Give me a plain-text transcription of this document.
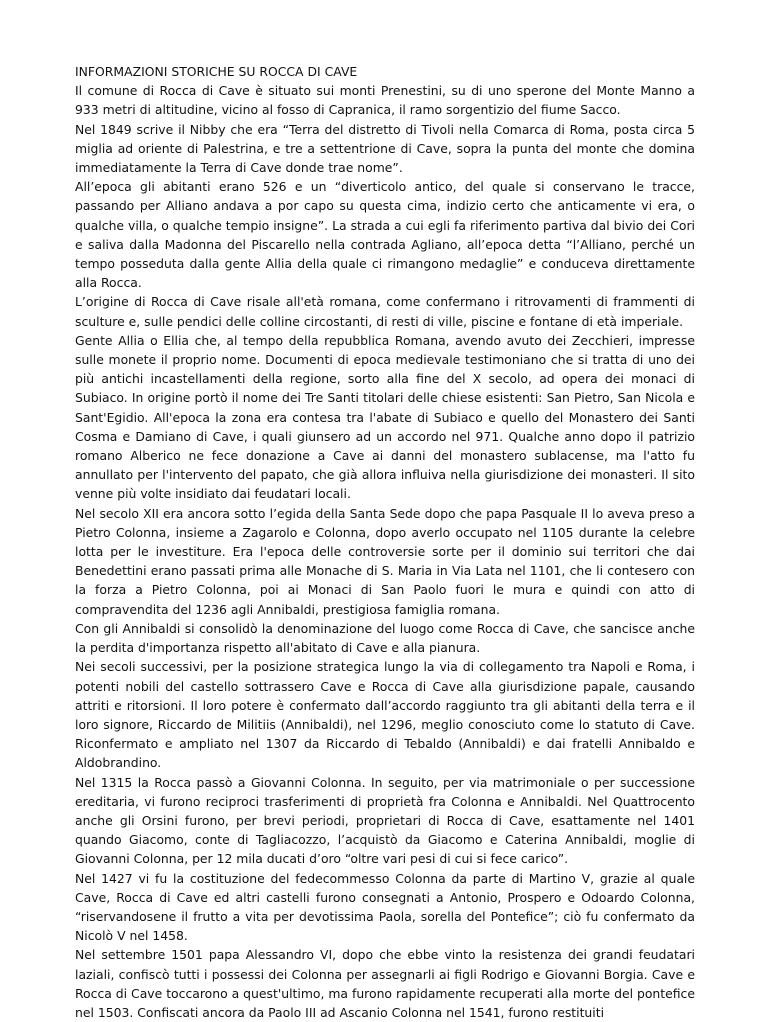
INFORMAZIONI STORICHE SU ROCCA DI CAVE

Il comune di Rocca di Cave è situato sui monti Prenestini, su di uno sperone del Monte Manno a 933 metri di altitudine, vicino al fosso di Capranica, il ramo sorgentizio del fiume Sacco.

Nel 1849 scrive il Nibby che era “Terra del distretto di Tivoli nella Comarca di Roma, posta circa 5 miglia ad oriente di Palestrina, e tre a settentrione di Cave, sopra la punta del monte che domina immediatamente la Terra di Cave donde trae nome”.

All’epoca gli abitanti erano 526 e un “diverticolo antico, del quale si conservano le tracce, passando per Alliano andava a por capo su questa cima, indizio certo che anticamente vi era, o qualche villa, o qualche tempio insigne”. La strada a cui egli fa riferimento partiva dal bivio dei Cori e saliva dalla Madonna del Piscarello nella contrada Agliano, all’epoca detta “l’Alliano, perché un tempo posseduta dalla gente Allia della quale ci rimangono medaglie” e conduceva direttamente alla Rocca.

L’origine di Rocca di Cave risale all'età romana, come confermano i ritrovamenti di frammenti di sculture e, sulle pendici delle colline circostanti, di resti di ville, piscine e fontane di età imperiale.

Gente Allia o Ellia che, al tempo della repubblica Romana, avendo avuto dei Zecchieri, impresse sulle monete il proprio nome. Documenti di epoca medievale testimoniano che si tratta di uno dei più antichi incastellamenti della regione, sorto alla fine del X secolo, ad opera dei monaci di Subiaco. In origine portò il nome dei Tre Santi titolari delle chiese esistenti: San Pietro, San Nicola e Sant'Egidio. All'epoca la zona era contesa tra l'abate di Subiaco e quello del Monastero dei Santi Cosma e Damiano di Cave, i quali giunsero ad un accordo nel 971. Qualche anno dopo il patrizio romano Alberico ne fece donazione a Cave ai danni del monastero sublacense, ma l'atto fu annullato per l'intervento del papato, che già allora influiva nella giurisdizione dei monasteri. Il sito venne più volte insidiato dai feudatari locali.

Nel secolo XII era ancora sotto l’egida della Santa Sede dopo che papa Pasquale II lo aveva preso a Pietro Colonna, insieme a Zagarolo e Colonna, dopo averlo occupato nel 1105 durante la celebre lotta per le investiture. Era l'epoca delle controversie sorte per il dominio sui territori che dai Benedettini erano passati prima alle Monache di S. Maria in Via Lata nel 1101, che li contesero con la forza a Pietro Colonna, poi ai Monaci di San Paolo fuori le mura e quindi con atto di compravendita del 1236 agli Annibaldi, prestigiosa famiglia romana.

Con gli Annibaldi si consolidò la denominazione del luogo come Rocca di Cave, che sancisce anche la perdita d'importanza rispetto all'abitato di Cave e alla pianura.

Nei secoli successivi, per la posizione strategica lungo la via di collegamento tra Napoli e Roma, i potenti nobili del castello sottrassero Cave e Rocca di Cave alla giurisdizione papale, causando attriti e ritorsioni. Il loro potere è confermato dall’accordo raggiunto tra gli abitanti della terra e il loro signore, Riccardo de Militiis (Annibaldi), nel 1296, meglio conosciuto come lo statuto di Cave. Riconfermato e ampliato nel 1307 da Riccardo di Tebaldo (Annibaldi) e dai fratelli Annibaldo e Aldobrandino.

Nel 1315 la Rocca passò a Giovanni Colonna. In seguito, per via matrimoniale o per successione ereditaria, vi furono reciproci trasferimenti di proprietà fra Colonna e Annibaldi. Nel Quattrocento anche gli Orsini furono, per brevi periodi, proprietari di Rocca di Cave, esattamente nel 1401 quando Giacomo, conte di Tagliacozzo, l’acquistò da Giacomo e Caterina Annibaldi, moglie di Giovanni Colonna, per 12 mila ducati d’oro “oltre vari pesi di cui si fece carico”.

Nel 1427 vi fu la costituzione del fedecommesso Colonna da parte di Martino V, grazie al quale Cave, Rocca di Cave ed altri castelli furono consegnati a Antonio, Prospero e Odoardo Colonna, “riservandosene il frutto a vita per devotissima Paola, sorella del Pontefice”; ciò fu confermato da Nicolò V nel 1458.

Nel settembre 1501 papa Alessandro VI, dopo che ebbe vinto la resistenza dei grandi feudatari laziali, confiscò tutti i possessi dei Colonna per assegnarli ai figli Rodrigo e Giovanni Borgia. Cave e Rocca di Cave toccarono a quest'ultimo, ma furono rapidamente recuperati alla morte del pontefice nel 1503. Confiscati ancora da Paolo III ad Ascanio Colonna nel 1541, furono restituiti
